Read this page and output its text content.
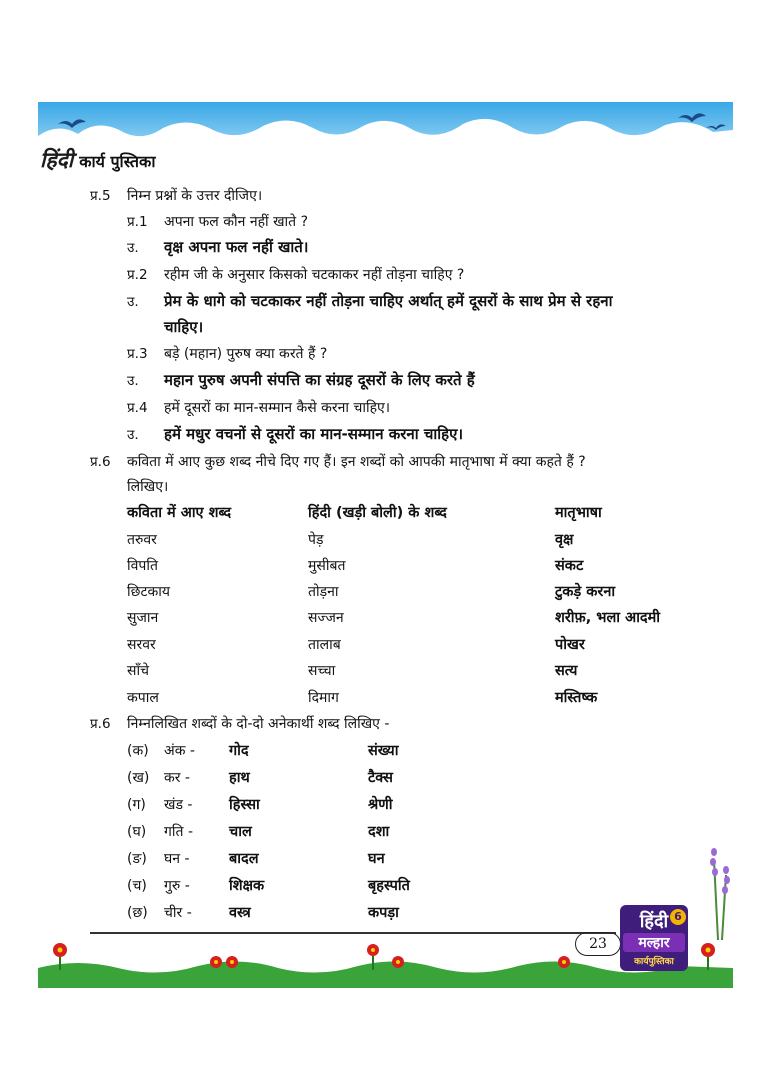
हिंदी कार्य पुस्तिका
प्र.5 निम्न प्रश्नों के उत्तर दीजिए।
प्र.1 अपना फल कौन नहीं खाते ?
उ. वृक्ष अपना फल नहीं खाते।
प्र.2 रहीम जी के अनुसार किसको चटकाकर नहीं तोड़ना चाहिए ?
उ. प्रेम के धागे को चटकाकर नहीं तोड़ना चाहिए अर्थात् हमें दूसरों के साथ प्रेम से रहना
चाहिए।
प्र.3 बड़े (महान) पुरुष क्या करते हैं ?
उ. महान पुरुष अपनी संपत्ति का संग्रह दूसरों के लिए करते हैं
प्र.4 हमें दूसरों का मान-सम्मान कैसे करना चाहिए।
उ. हमें मधुर वचनों से दूसरों का मान-सम्मान करना चाहिए।
प्र.6 कविता में आए कुछ शब्द नीचे दिए गए हैं। इन शब्दों को आपकी मातृभाषा में क्या कहते हैं ?
लिखिए।
कविता में आए शब्द	हिंदी (खड़ी बोली) के शब्द	मातृभाषा
तरुवर	पेड़	वृक्ष
विपति	मुसीबत	संकट
छिटकाय	तोड़ना	टुकड़े करना
सुजान	सज्जन	शरीफ़, भला आदमी
सरवर	तालाब	पोखर
साँचे	सच्चा	सत्य
कपाल	दिमाग	मस्तिष्क
प्र.6 निम्नलिखित शब्दों के दो-दो अनेकार्थी शब्द लिखिए -
(क) अंक - गोद	संख्या
(ख) कर -	हाथ	टैक्स
(ग) खंड -	हिस्सा	श्रेणी
(घ) गति - चाल	दशा
(ङ) घन -	बादल	घन
(च) गुरु -	शिक्षक	बृहस्पति
(छ) चीर -	वस्त्र	कपड़ा
23
6
हिंदी
मल्हार
कार्यपुस्तिका
